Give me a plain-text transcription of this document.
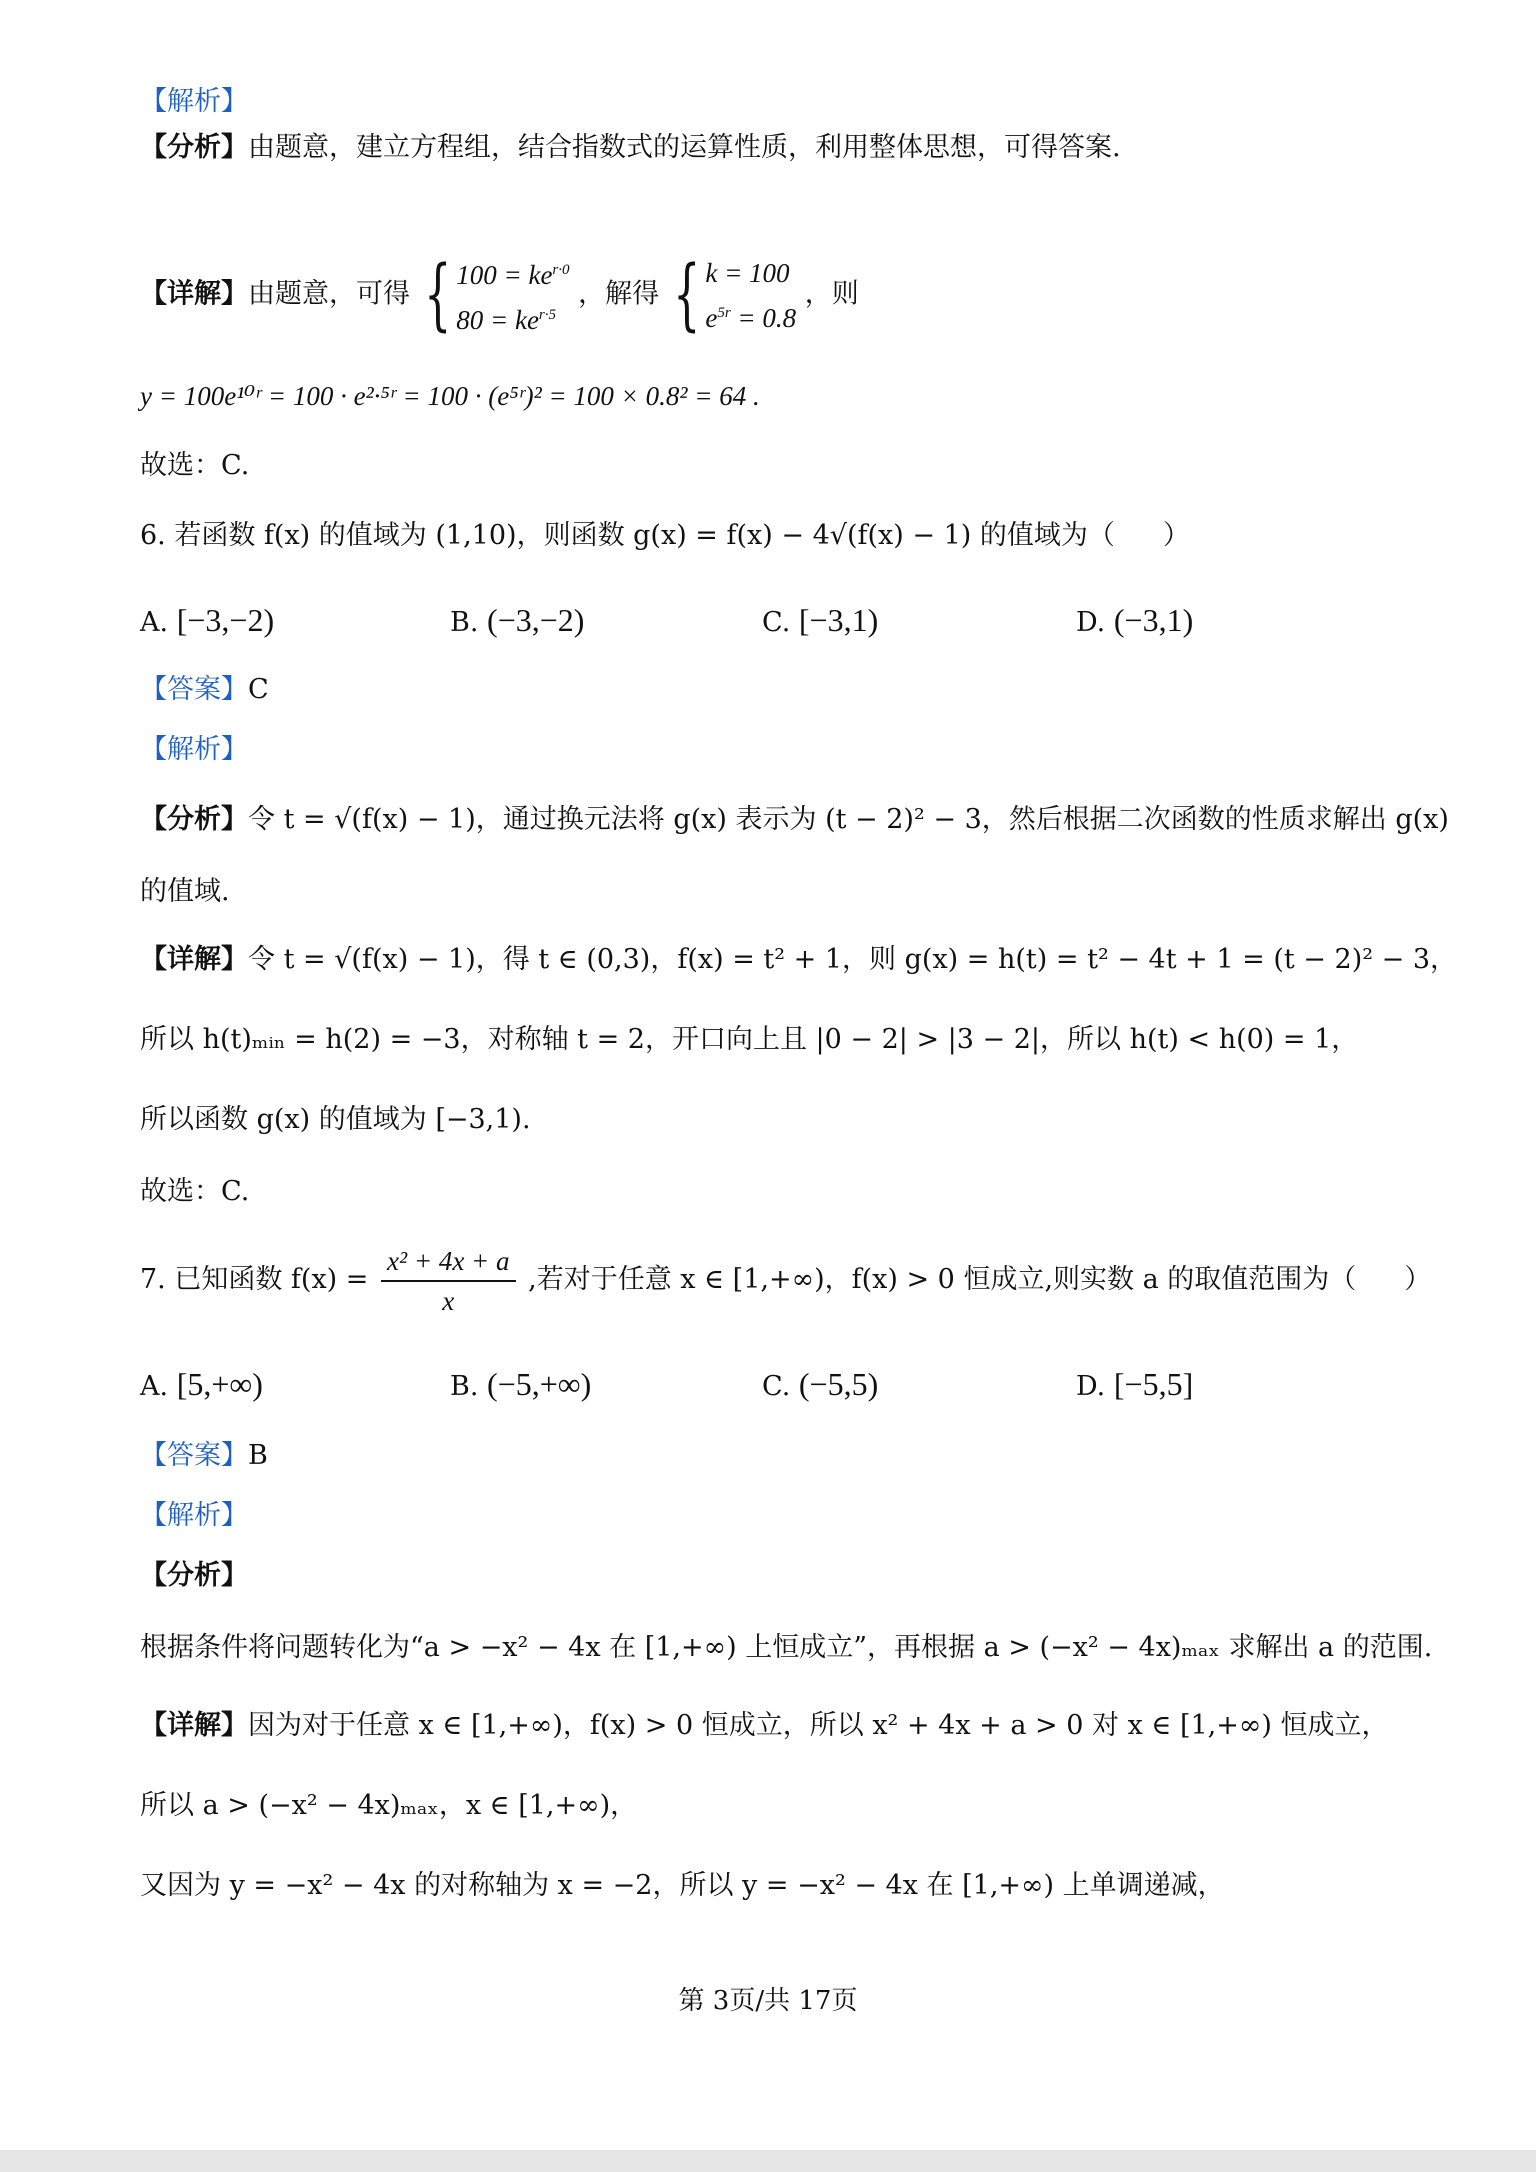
【解析】
【分析】由题意，建立方程组，结合指数式的运算性质，利用整体思想，可得答案.
【详解】由题意，可得 { $100 = ke^{r\cdot 0}$
$80 = ke^{r\cdot 5}$ ，解得 { k = 100
$e^{5r} = 0.8$ ，则
y = 100e¹⁰ʳ = 100 · e²·⁵ʳ = 100 · (e⁵ʳ)² = 100 × 0.8² = 64 .
故选：C.
6. 若函数 f(x) 的值域为 (1,10)，则函数 g(x) = f(x) − 4√(f(x) − 1) 的值域为（ ）
A. [−3,−2)	B. (−3,−2)	C. [−3,1)	D. (−3,1)
【答案】C
【解析】
【分析】令 t = √(f(x) − 1)，通过换元法将 g(x) 表示为 (t − 2)² − 3，然后根据二次函数的性质求解出 g(x)
的值域.
【详解】令 t = √(f(x) − 1)，得 t ∈ (0,3)，f(x) = t² + 1，则 g(x) = h(t) = t² − 4t + 1 = (t − 2)² − 3，
所以 h(t)ₘᵢₙ = h(2) = −3，对称轴 t = 2，开口向上且 |0 − 2| > |3 − 2|，所以 h(t) < h(0) = 1，
所以函数 g(x) 的值域为 [−3,1).
故选：C.
7. 已知函数 $f(x) = \frac{\text{x² + 4x + a}}{x}$ ,若对于任意 x ∈ [1,+∞)，f(x) > 0 恒成立,则实数 a 的取值范围为（ ）
A. [5,+∞)	B. (−5,+∞)	C. (−5,5)	D. [−5,5]
【答案】B
【解析】
【分析】
根据条件将问题转化为“a > −x² − 4x 在 [1,+∞) 上恒成立”，再根据 a > (−x² − 4x)ₘₐₓ 求解出 a 的范围.
【详解】因为对于任意 x ∈ [1,+∞)，f(x) > 0 恒成立，所以 x² + 4x + a > 0 对 x ∈ [1,+∞) 恒成立，
所以 a > (−x² − 4x)ₘₐₓ，x ∈ [1,+∞)，
又因为 y = −x² − 4x 的对称轴为 x = −2，所以 y = −x² − 4x 在 [1,+∞) 上单调递减，
第 3页/共 17页
